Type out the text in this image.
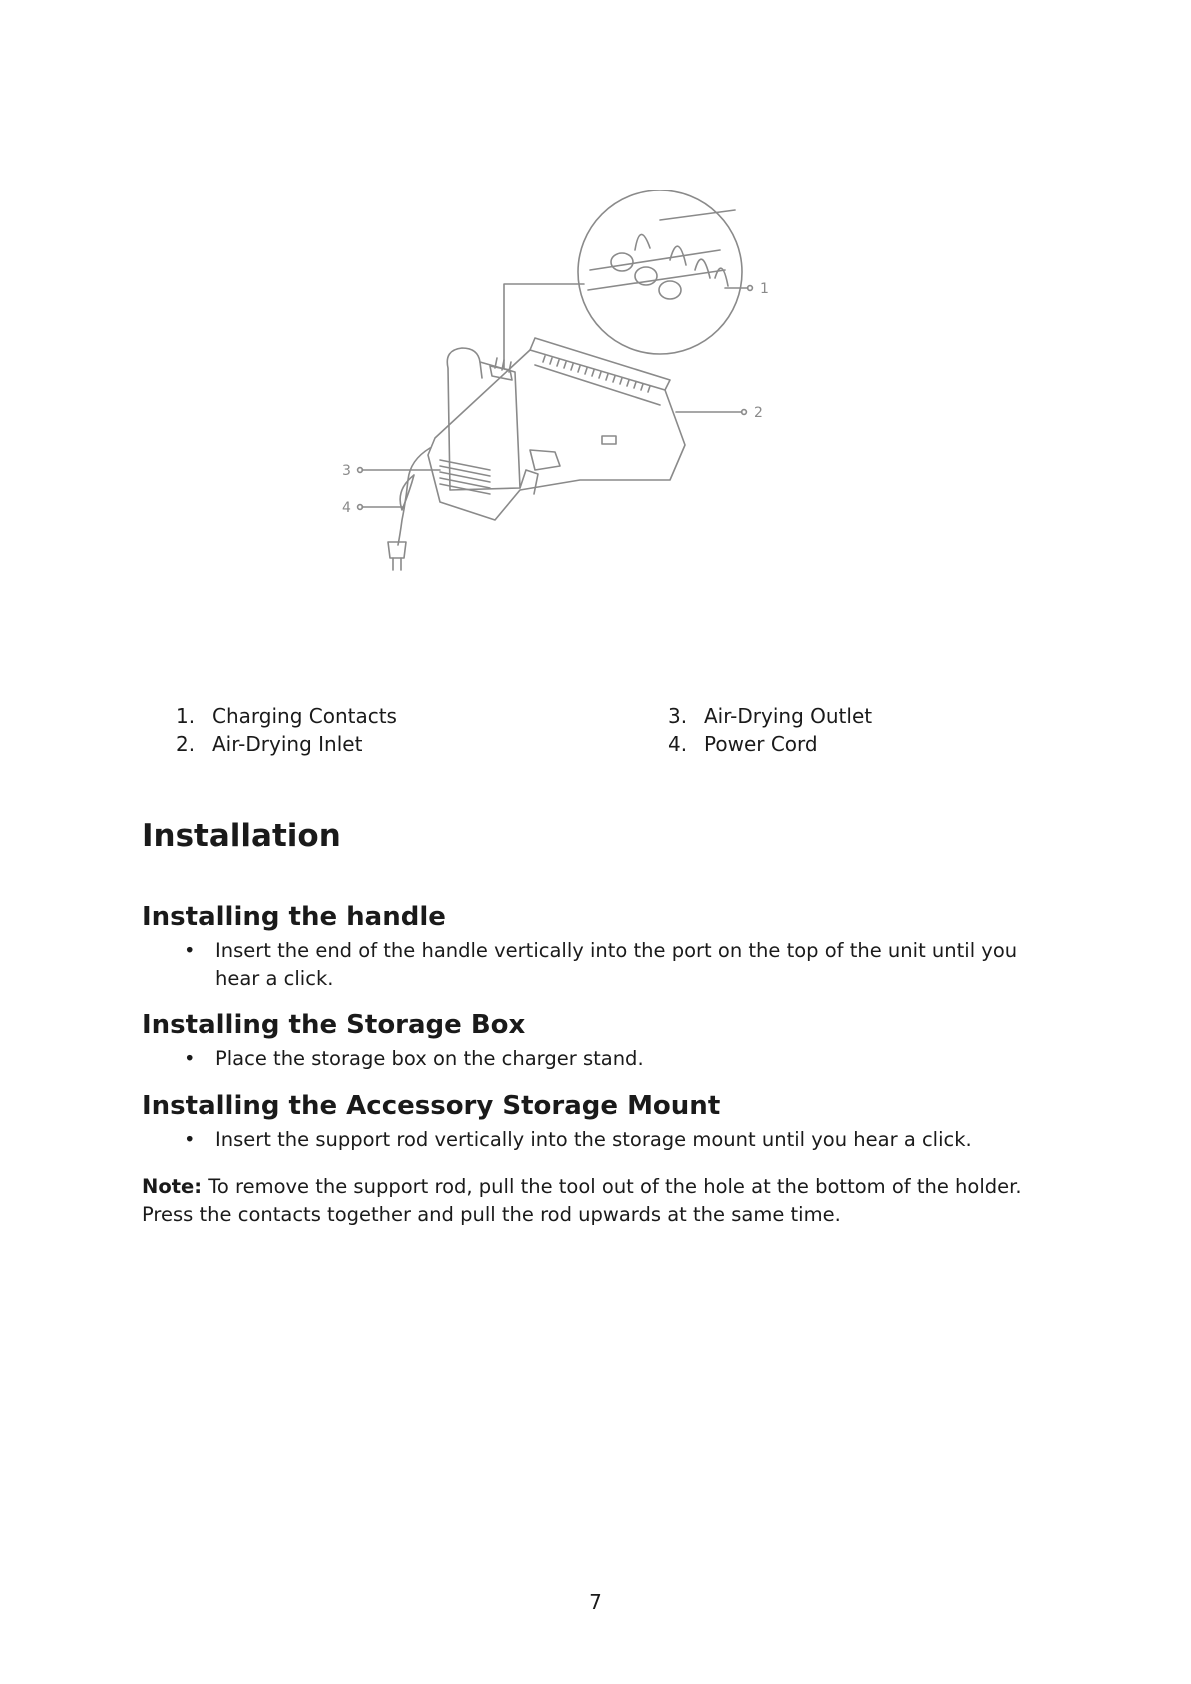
1
2
3
4
1. Charging Contacts
2. Air-Drying Inlet
3. Air-Drying Outlet
4. Power Cord
Installation
Installing the handle
• Insert the end of the handle vertically into the port on the top of the unit until you hear a click.
Installing the Storage Box
• Place the storage box on the charger stand.
Installing the Accessory Storage Mount
• Insert the support rod vertically into the storage mount until you hear a click.

Note: To remove the support rod, pull the tool out of the hole at the bottom of the holder. Press the contacts together and pull the rod upwards at the same time.

7
